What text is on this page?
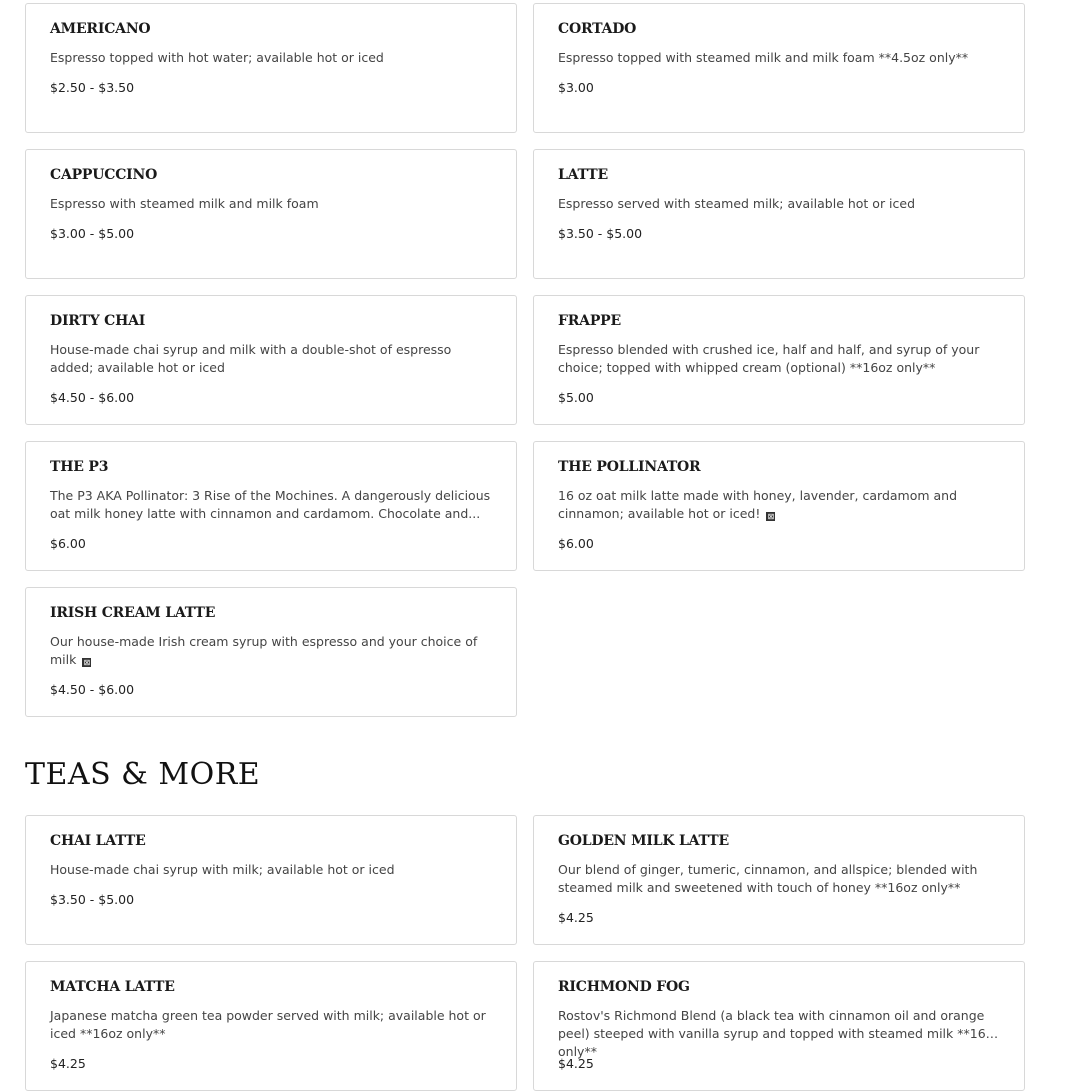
AMERICANO
Espresso topped with hot water; available hot or iced
$2.50 - $3.50
CORTADO
Espresso topped with steamed milk and milk foam **4.5oz only**
$3.00
CAPPUCCINO
Espresso with steamed milk and milk foam
$3.00 - $5.00
LATTE
Espresso served with steamed milk; available hot or iced
$3.50 - $5.00
DIRTY CHAI
House-made chai syrup and milk with a double-shot of espresso added; available hot or iced
$4.50 - $6.00
FRAPPE
Espresso blended with crushed ice, half and half, and syrup of your choice; topped with whipped cream (optional) **16oz only**
$5.00
THE P3
The P3 AKA Pollinator: 3 Rise of the Mochines. A dangerously delicious oat milk honey latte with cinnamon and cardamom. Chocolate and...
$6.00
THE POLLINATOR
16 oz oat milk latte made with honey, lavender, cardamom and cinnamon; available hot or iced! ⊠
$6.00
IRISH CREAM LATTE
Our house-made Irish cream syrup with espresso and your choice of milk ⊠
$4.50 - $6.00
TEAS & MORE
CHAI LATTE
House-made chai syrup with milk; available hot or iced
$3.50 - $5.00
GOLDEN MILK LATTE
Our blend of ginger, tumeric, cinnamon, and allspice; blended with steamed milk and sweetened with touch of honey **16oz only**
$4.25
MATCHA LATTE
Japanese matcha green tea powder served with milk; available hot or iced **16oz only**
$4.25
RICHMOND FOG
Rostov's Richmond Blend (a black tea with cinnamon oil and orange peel) steeped with vanilla syrup and topped with steamed milk **16oz only**
$4.25
